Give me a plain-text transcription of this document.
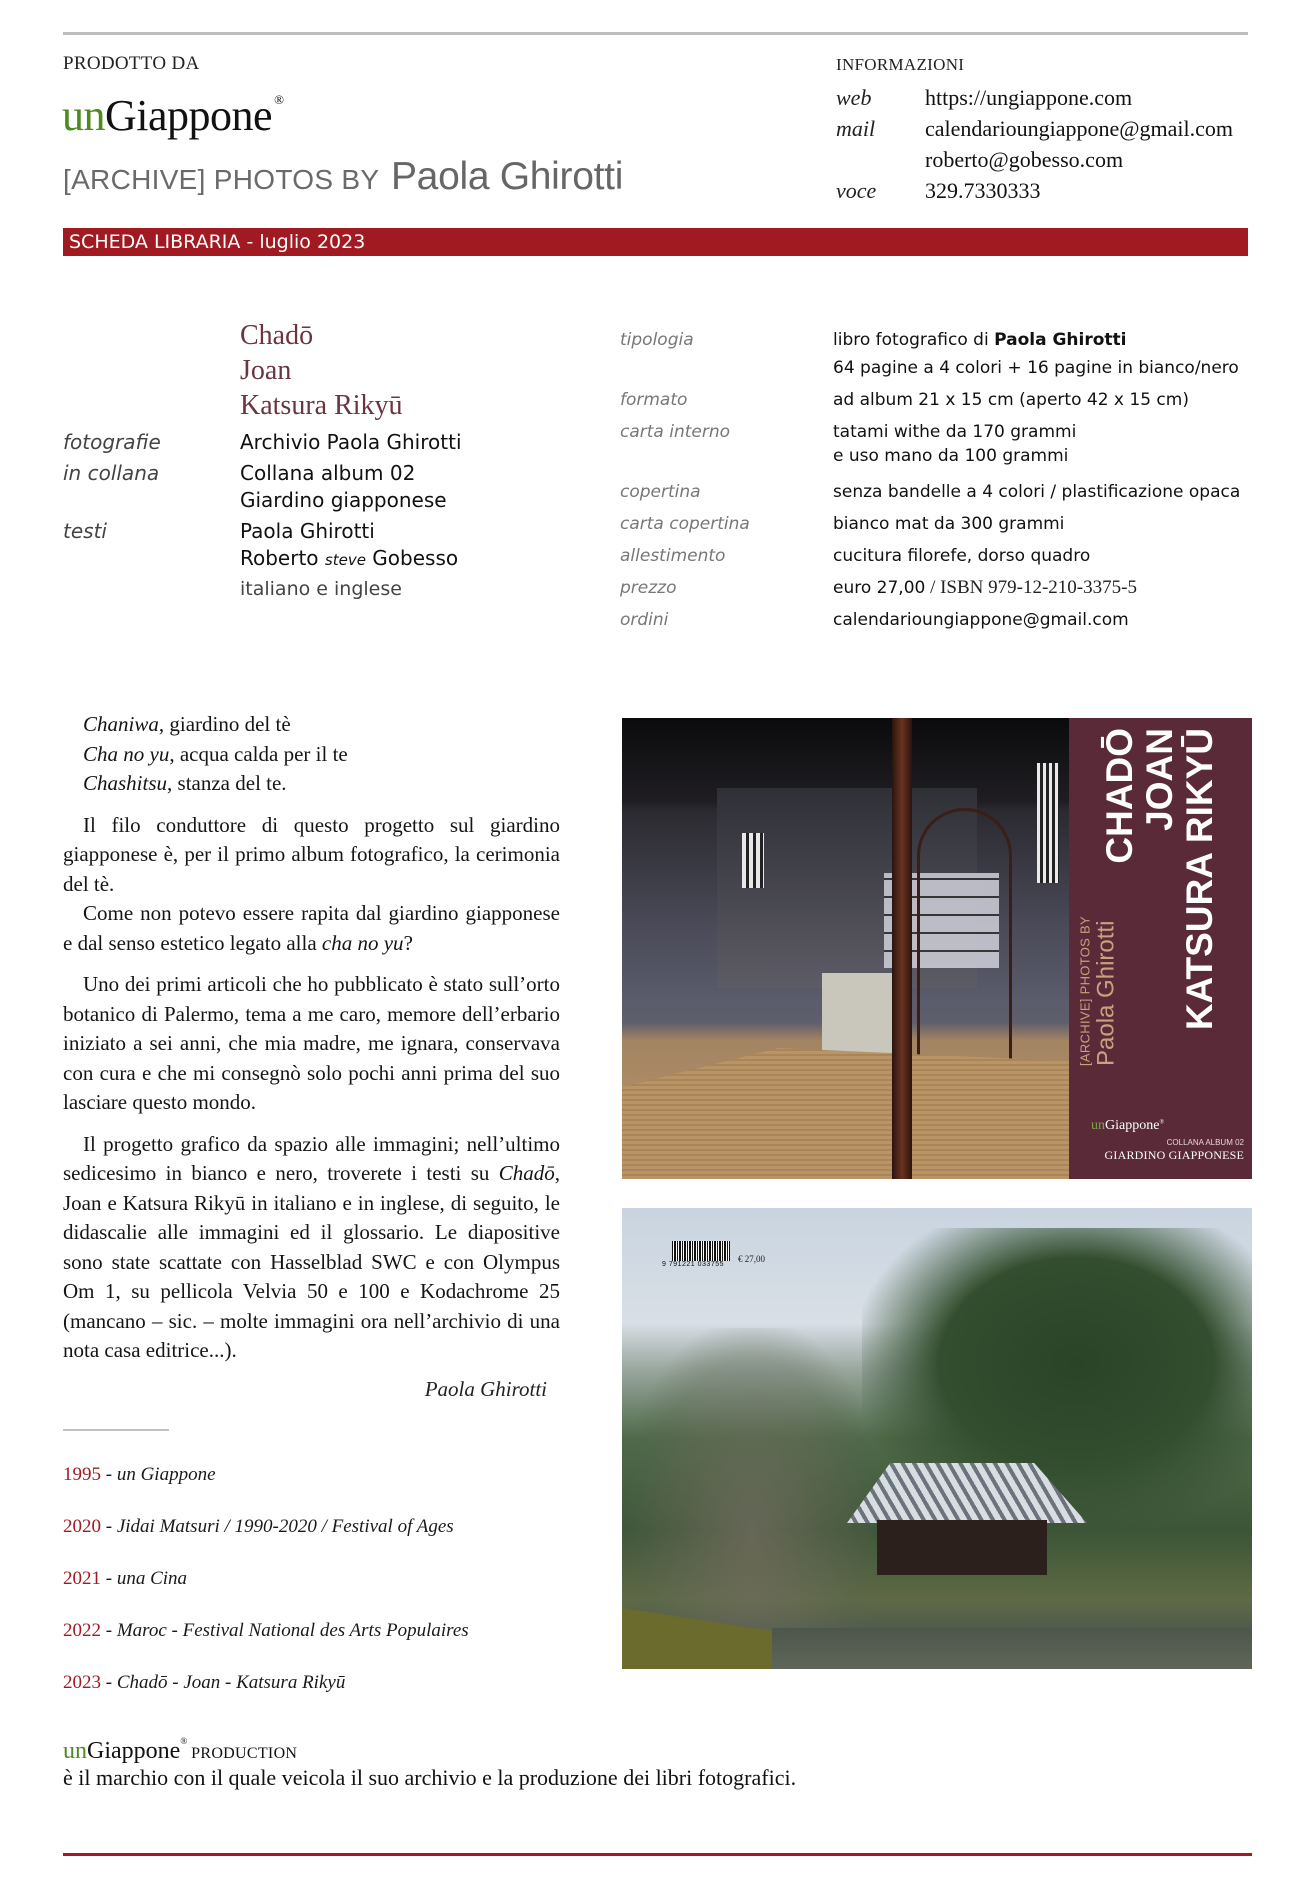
PRODOTTO DA
unGiappone ®
[ARCHIVE] PHOTOS BY Paola Ghirotti
INFORMAZIONI
web	https://ungiappone.com
mail	calendarioungiappone@gmail.com
roberto@gobesso.com
voce	329.7330333
SCHEDA LIBRARIA - luglio 2023
Chadō
Joan
Katsura Rikyū
fotografie	Archivio Paola Ghirotti
in collana	Collana album 02
Giardino giapponese
testi	Paola Ghirotti
Roberto steve Gobesso
italiano e inglese
tipologia	libro fotografico di Paola Ghirotti
64 pagine a 4 colori + 16 pagine in bianco/nero
formato	ad album 21 x 15 cm (aperto 42 x 15 cm)
carta interno	tatami withe da 170 grammi
e uso mano da 100 grammi
copertina	senza bandelle a 4 colori / plastificazione opaca
carta copertina	bianco mat da 300 grammi
allestimento	cucitura filorefe, dorso quadro
prezzo	euro 27,00 / ISBN 979-12-210-3375-5
ordini	calendarioungiappone@gmail.com
Chaniwa, giardino del tè
Cha no yu, acqua calda per il te
Chashitsu, stanza del te.

Il filo conduttore di questo progetto sul giardino giapponese è, per il primo album fotografico, la cerimonia del tè.

Come non potevo essere rapita dal giardino giapponese e dal senso estetico legato alla cha no yu?

Uno dei primi articoli che ho pubblicato è stato sull’orto botanico di Palermo, tema a me caro, memore dell’erbario iniziato a sei anni, che mia madre, me ignara, conservava con cura e che mi consegnò solo pochi anni prima del suo lasciare questo mondo.

Il progetto grafico da spazio alle immagini; nell’ultimo sedicesimo in bianco e nero, troverete i testi su Chadō, Joan e Katsura Rikyū in italiano e in inglese, di seguito, le didascalie alle immagini ed il glossario. Le diapositive sono state scattate con Hasselblad SWC e con Olympus Om 1, su pellicola Velvia 50 e 100 e Kodachrome 25 (mancano – sic. – molte immagini ora nell’archivio di una nota casa editrice...).

Paola Ghirotti
1995 - un Giappone
2020 - Jidai Matsuri / 1990-2020 / Festival of Ages
2021 - una Cina
2022 - Maroc - Festival National des Arts Populaires
2023 - Chadō - Joan - Katsura Rikyū
unGiappone®PRODUCTION
è il marchio con il quale veicola il suo archivio e la produzione dei libri fotografici.
CHADŌ JOAN KATSURA RIKYŪ
[ARCHIVE] PHOTOS BY Paola Ghirotti
unGiappone®
COLLANA ALBUM 02
GIARDINO GIAPPONESE
9 791221 033755
€ 27,00
